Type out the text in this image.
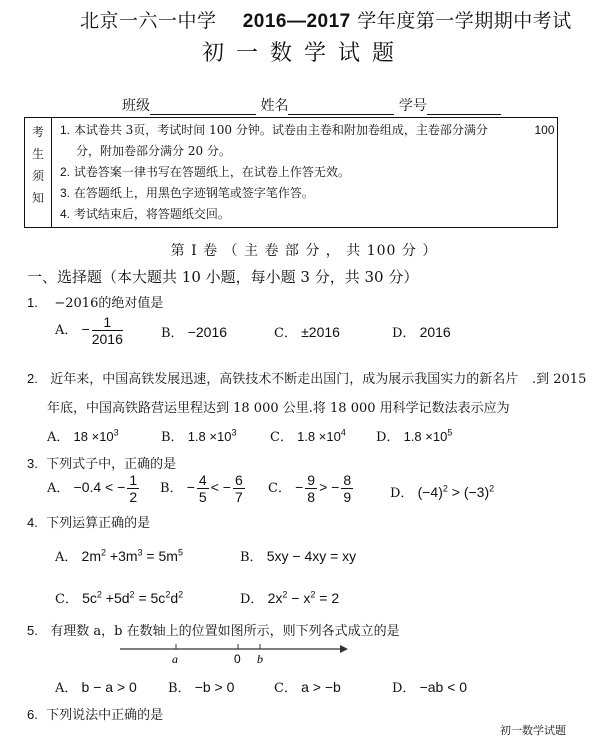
北京一六一中学 2016—2017 学年度第一学期期中考试
初一数学试题
班级	姓名	学号
考
生
须
知

1. 本试卷共 3页，考试时间 100 分钟。试卷由主卷和附加卷组成，主卷部分满分	100
分，附加卷部分满分 20 分。
2. 试卷答案一律书写在答题纸上，在试卷上作答无效。
3. 在答题纸上，用黑色字迹钢笔或签字笔作答。
4. 考试结束后，将答题纸交回。
第 I 卷 （ 主 卷 部 分 ， 共 100 分 ）
一、选择题（本大题共 10 小题，每小题 3 分，共 30 分）
1. −2016的绝对值是
A． − $\frac{1}{2016}$	B． −2016	C． ±2016	D． 2016
2. 近年来，中国高铁发展迅速，高铁技术不断走出国门，成为展示我国实力的新名片 .到 2015
年底，中国高铁路营运里程达到 18 000 公里.将 18 000 用科学记数法表示应为
A． $18 \times 10^3$	B． $1.8 \times 10^3$	C． $1.8 \times 10^4$ D． $1.8 \times 10^5$
3. 下列式子中，正确的是
A． −0.4 < − $\frac{1}{2}$ B． − $\frac{4}{5}$ < − $\frac{6}{7}$ C． − $\frac{9}{8}$ > − $\frac{8}{9}$	D． $(-4)^2 > (-3)^2$
4. 下列运算正确的是
A． $2m^2 +3m^3 = 5m^5$	B． 5xy − 4xy = xy
C． $5c^2 +5d^2 = 5c^2d^2$	D． $2x^2 - x^2 = 2$
5. 有理数 a，b 在数轴上的位置如图所示，则下列各式成立的是
a	0 b
A． b − a > 0 B． −b > 0	C． a > −b	D． −ab < 0
6. 下列说法中正确的是
初一数学试题
